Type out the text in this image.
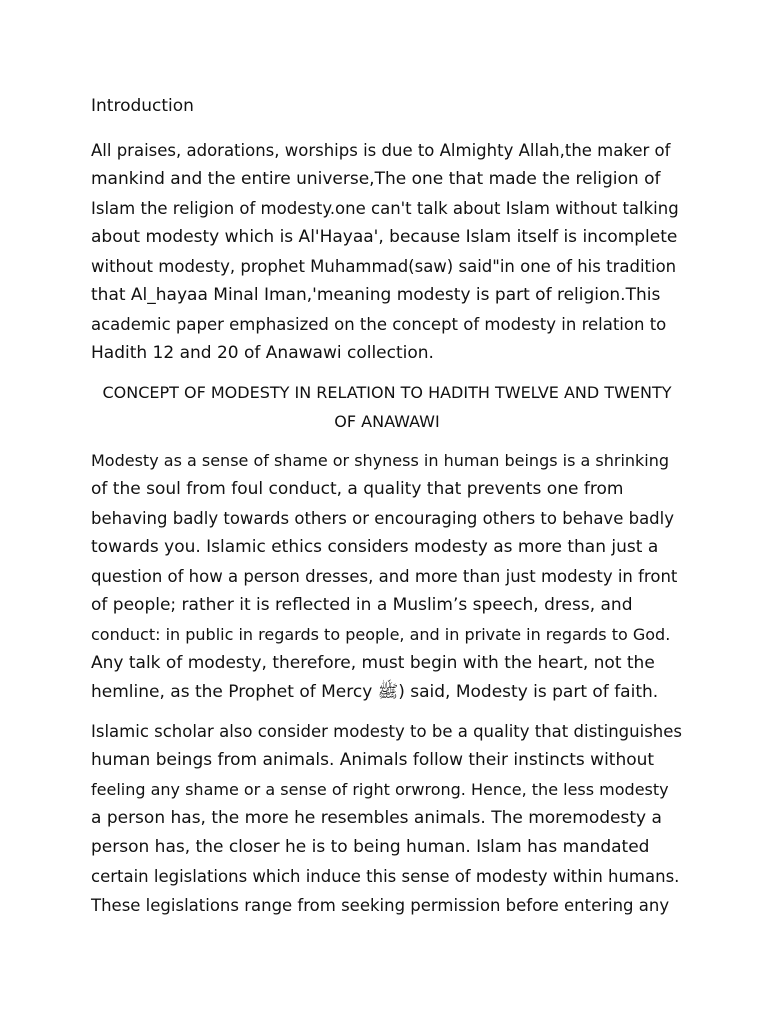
Introduction
All praises, adorations, worships is due to Almighty Allah,the maker of
mankind and the entire universe,The one that made the religion of
Islam the religion of modesty.one can't talk about Islam without talking
about modesty which is Al'Hayaa', because Islam itself is incomplete
without modesty, prophet Muhammad(saw) said"in one of his tradition
that Al_hayaa Minal Iman,'meaning modesty is part of religion.This
academic paper emphasized on the concept of modesty in relation to
Hadith 12 and 20 of Anawawi collection.
CONCEPT OF MODESTY IN RELATION TO HADITH TWELVE AND TWENTY
OF ANAWAWI
Modesty as a sense of shame or shyness in human beings is a shrinking
of the soul from foul conduct, a quality that prevents one from
behaving badly towards others or encouraging others to behave badly
towards you. Islamic ethics considers modesty as more than just a
question of how a person dresses, and more than just modesty in front
of people; rather it is reflected in a Muslim’s speech, dress, and
conduct: in public in regards to people, and in private in regards to God.
Any talk of modesty, therefore, must begin with the heart, not the
hemline, as the Prophet of Mercy ﷺ) said, Modesty is part of faith.
Islamic scholar also consider modesty to be a quality that distinguishes
human beings from animals. Animals follow their instincts without
feeling any shame or a sense of right orwrong. Hence, the less modesty
a person has, the more he resembles animals. The moremodesty a
person has, the closer he is to being human. Islam has mandated
certain legislations which induce this sense of modesty within humans.
These legislations range from seeking permission before entering any
